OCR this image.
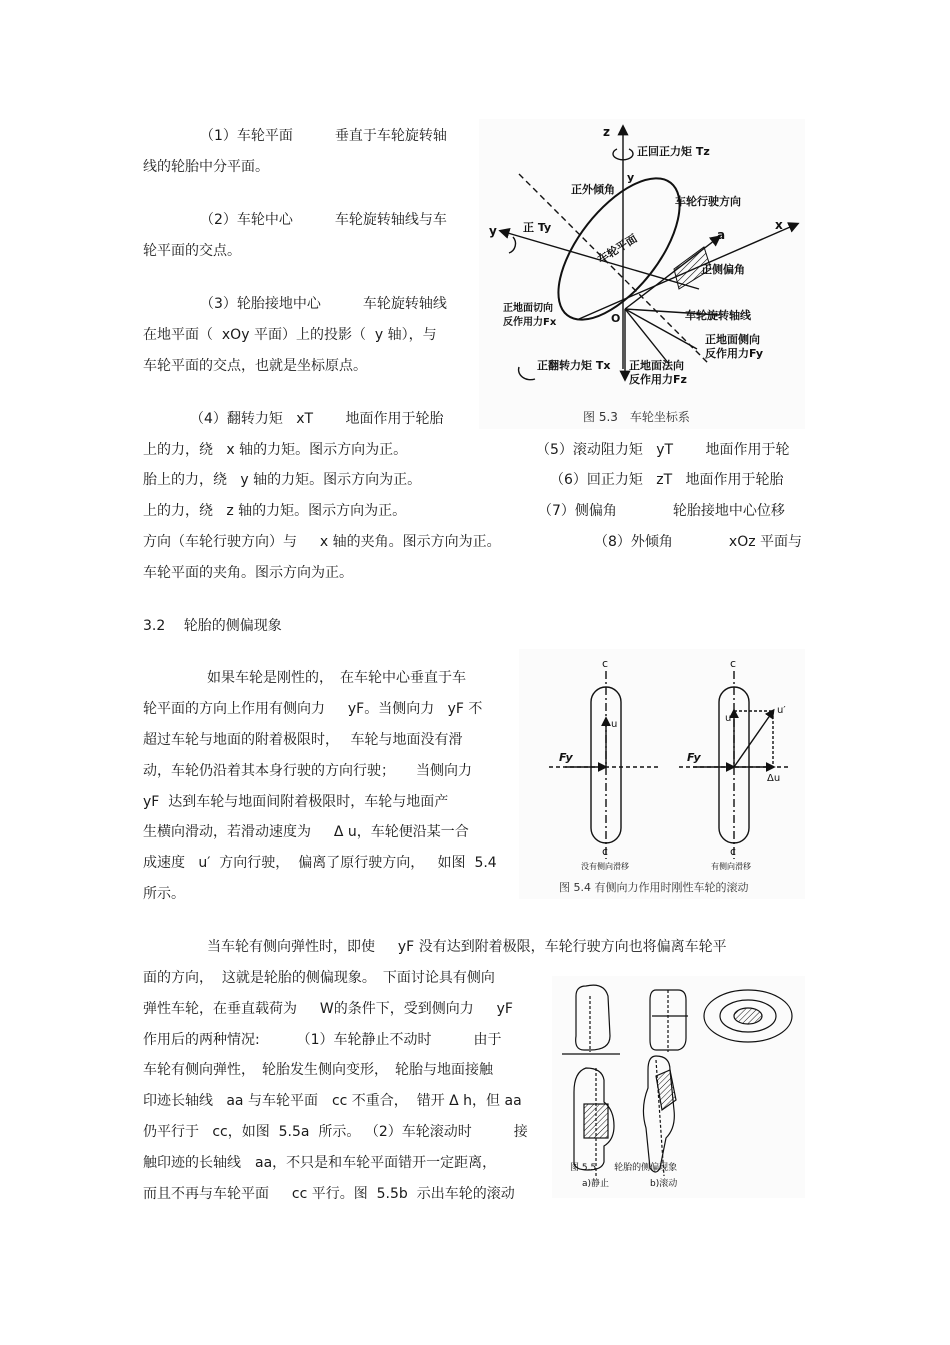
（1）车轮平面　　　垂直于车轮旋转轴
线的轮胎中分平面。
（2）车轮中心　　　车轮旋转轴线与车
轮平面的交点。
（3）轮胎接地中心　　　车轮旋转轴线
在地平面（  xOy 平面）上的投影（  y 轴），与
车轮平面的交点，也就是坐标原点。
（4）翻转力矩   xT 　　地面作用于轮胎
上的力，绕   x 轴的力矩。图示方向为正。	（5）滚动阻力矩   yT 　　地面作用于轮
胎上的力，绕   y 轴的力矩。图示方向为正。	（6）回正力矩   zT   地面作用于轮胎
上的力，绕   z 轴的力矩。图示方向为正。	（7）侧偏角　　　　轮胎接地中心位移
方向（车轮行驶方向）与　  x 轴的夹角。图示方向为正。	（8）外倾角　　　　xOz 平面与
车轮平面的夹角。图示方向为正。
3.2　 轮胎的侧偏现象
如果车轮是刚性的，　在车轮中心垂直于车
轮平面的方向上作用有侧向力　  yF。当侧向力   yF 不
超过车轮与地面的附着极限时，　 车轮与地面没有滑
动，车轮仍沿着其本身行驶的方向行驶；　　当侧向力
yF  达到车轮与地面间附着极限时，车轮与地面产
生横向滑动，若滑动速度为　  Δ u，车轮便沿某一合
成速度   u′  方向行驶，  偏离了原行驶方向，   如图  5.4
所示。
当车轮有侧向弹性时，即使　  yF 没有达到附着极限，车轮行驶方向也将偏离车轮平
面的方向，  这就是轮胎的侧偏现象。　下面讨论具有侧向
弹性车轮，在垂直载荷为　  W的条件下，受到侧向力　  yF
作用后的两种情况:　　  （1）车轮静止不动时　　　由于
车轮有侧向弹性，　轮胎发生侧向变形，　轮胎与地面接触
印迹长轴线   aa 与车轮平面　cc 不重合，  错开 Δ h，但 aa
仍平行于   cc，如图  5.5a  所示。 （2）车轮滚动时　　　接
触印迹的长轴线　aa，不只是和车轮平面错开一定距离，
而且不再与车轮平面　  cc 平行。图  5.5b  示出车轮的滚动
z
正回正力矩 Tz
y
正外倾角
车轮行驶方向
y 正 Ty
车轮平面	a
x
正侧偏角
正地面切向
反作用力Fx	O	车轮旋转轴线
正地面侧向
反作用力Fy
正翻转力矩 Tx 正地面法向
反作用力Fz
图 5.3　车轮坐标系
c	c
Fy	Fy
u
u
u′
Δu
c	c
没有侧向滑移	有侧向滑移
图 5.4 有侧向力作用时刚性车轮的滚动
图 5.5　　轮胎的侧偏现象
a)静止	b)滚动
